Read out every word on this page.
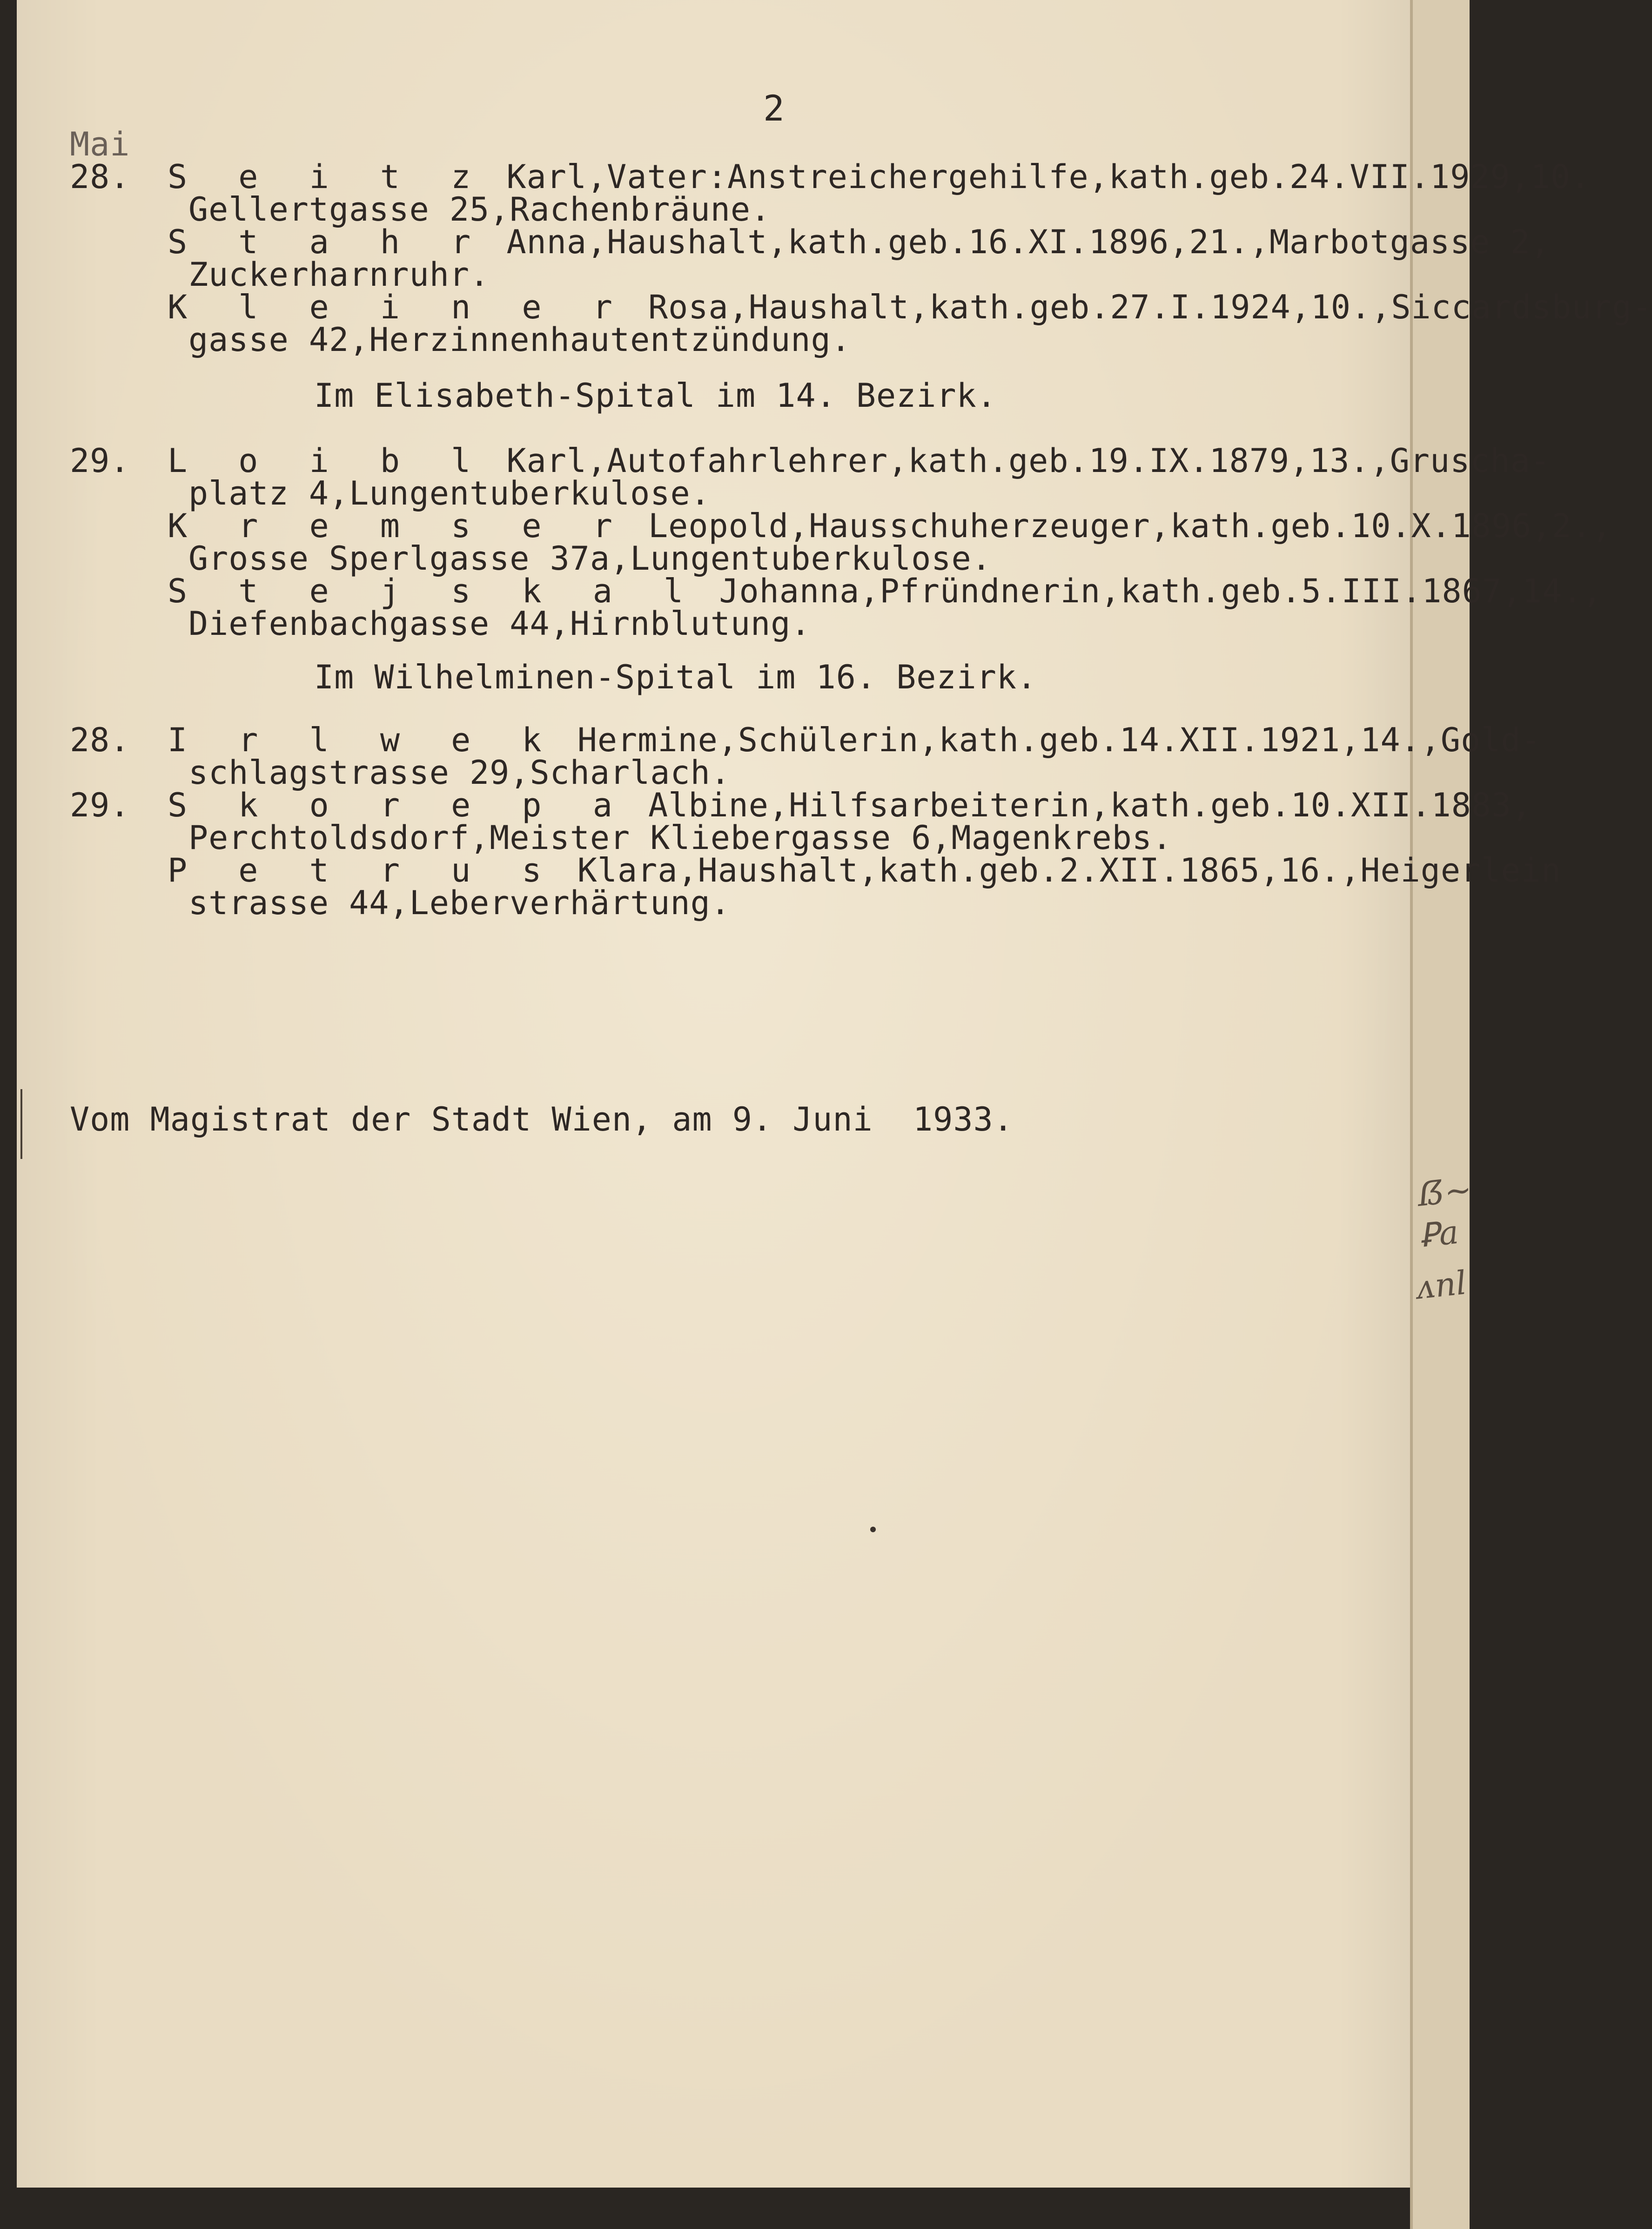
ẞ~
Ꝑa
ᴧnl
2
Mai
28. S e i t z Karl,Vater:Anstreichergehilfe,kath.geb.24.VII.1929,10.
Gellertgasse 25,Rachenbräune.
S t a h r Anna,Haushalt,kath.geb.16.XI.1896,21.,Marbotgasse 2,
Zuckerharnruhr.
K l e i n e r Rosa,Haushalt,kath.geb.27.I.1924,10.,Siccardsburg-
gasse 42,Herzinnenhautentzündung.
Im Elisabeth-Spital im 14. Bezirk.
29. L o i b l Karl,Autofahrlehrer,kath.geb.19.IX.1879,13.,Gruscha-
platz 4,Lungentuberkulose.
K r e m s e r Leopold,Hausschuherzeuger,kath.geb.10.X.1896,2.,
Grosse Sperlgasse 37a,Lungentuberkulose.
S t e j s k a l Johanna,Pfründnerin,kath.geb.5.III.1867,14.,
Diefenbachgasse 44,Hirnblutung.
Im Wilhelminen-Spital im 16. Bezirk.
28. I r l w e k Hermine,Schülerin,kath.geb.14.XII.1921,14.,Gold-
schlagstrasse 29,Scharlach.
29. S k o r e p a Albine,Hilfsarbeiterin,kath.geb.10.XII.1883,
Perchtoldsdorf,Meister Kliebergasse 6,Magenkrebs.
P e t r u s Klara,Haushalt,kath.geb.2.XII.1865,16.,Heigerlein
strasse 44,Leberverhärtung.
Vom Magistrat der Stadt Wien, am 9. Juni  1933.
